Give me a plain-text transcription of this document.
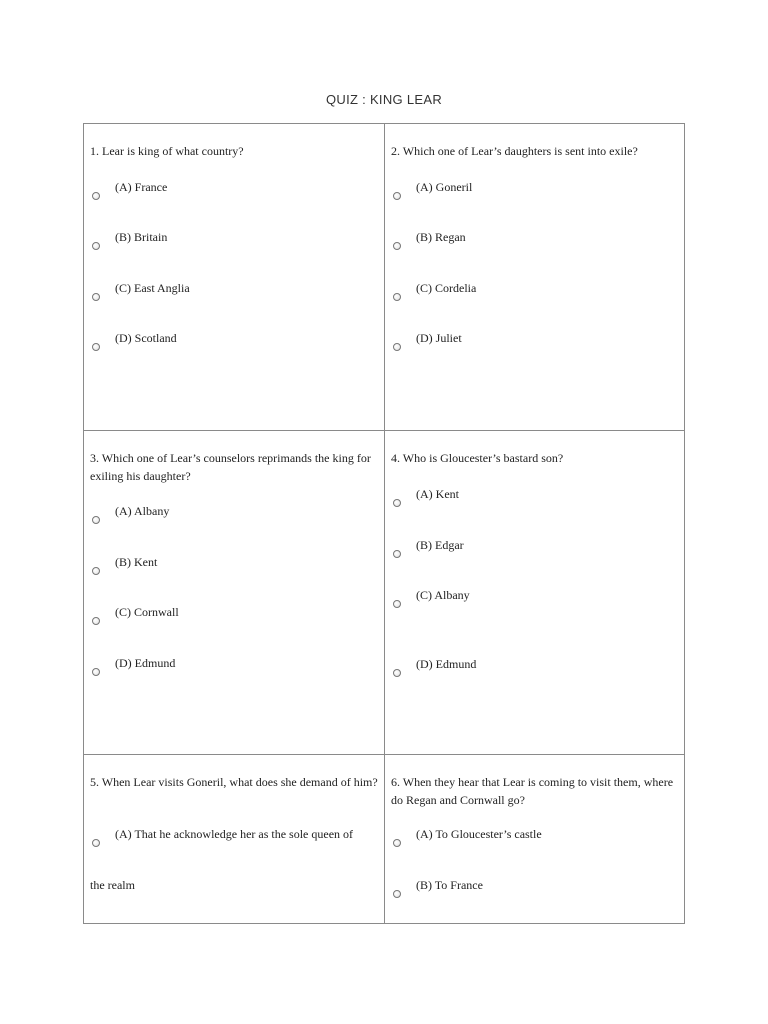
QUIZ : KING LEAR
1. Lear is king of what country?
(A) France
(B) Britain
(C) East Anglia
(D) Scotland
2. Which one of Lear’s daughters is sent into exile?
(A) Goneril
(B) Regan
(C) Cordelia
(D) Juliet
3. Which one of Lear’s counselors reprimands the king for exiling his daughter?
(A) Albany
(B) Kent
(C) Cornwall
(D) Edmund
4. Who is Gloucester’s bastard son?
(A) Kent
(B) Edgar
(C) Albany
(D) Edmund
5. When Lear visits Goneril, what does she demand of him?
(A) That he acknowledge her as the sole queen of
the realm
6. When they hear that Lear is coming to visit them, where do Regan and Cornwall go?
(A) To Gloucester’s castle
(B) To France
